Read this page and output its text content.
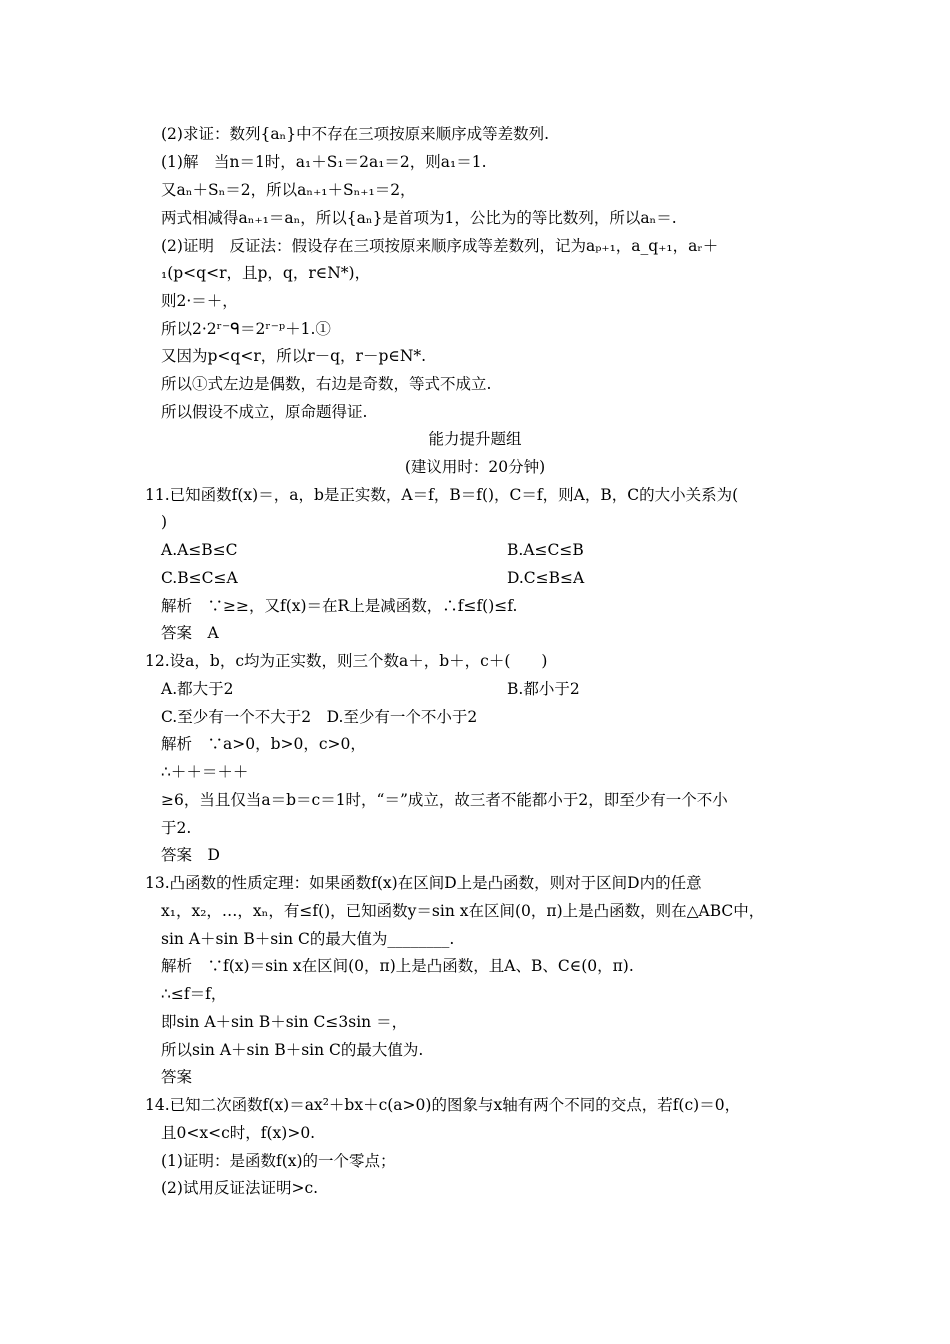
(2)求证：数列{aₙ}中不存在三项按原来顺序成等差数列.
(1)解　当n＝1时，a₁＋S₁＝2a₁＝2，则a₁＝1.
又aₙ＋Sₙ＝2，所以aₙ₊₁＋Sₙ₊₁＝2，
两式相减得aₙ₊₁＝aₙ，所以{aₙ}是首项为1，公比为的等比数列，所以aₙ＝.
(2)证明　反证法：假设存在三项按原来顺序成等差数列，记为aₚ₊₁，a_q₊₁，aᵣ＋
₁(p<q<r，且p，q，r∈N*)，
则2·＝＋，
所以2·2ʳ⁻ᑫ＝2ʳ⁻ᵖ＋1.①
又因为p<q<r，所以r－q，r－p∈N*.
所以①式左边是偶数，右边是奇数，等式不成立.
所以假设不成立，原命题得证.
能力提升题组
(建议用时：20分钟)
11.已知函数f(x)＝，a，b是正实数，A＝f，B＝f()，C＝f，则A，B，C的大小关系为(
)
A.A≤B≤C	B.A≤C≤B
C.B≤C≤A	D.C≤B≤A
解析　∵≥≥，又f(x)＝在R上是减函数，∴f≤f()≤f.
答案　A
12.设a，b，c均为正实数，则三个数a＋，b＋，c＋(　　)
A.都大于2	B.都小于2
C.至少有一个不大于2　D.至少有一个不小于2
解析　∵a>0，b>0，c>0，
∴＋＋＝＋＋
≥6，当且仅当a＝b＝c＝1时，“＝”成立，故三者不能都小于2，即至少有一个不小
于2.
答案　D
13.凸函数的性质定理：如果函数f(x)在区间D上是凸函数，则对于区间D内的任意
x₁，x₂，…，xₙ，有≤f()，已知函数y＝sin x在区间(0，π)上是凸函数，则在△ABC中，
sin A＋sin B＋sin C的最大值为________.
解析　∵f(x)＝sin x在区间(0，π)上是凸函数，且A、B、C∈(0，π).
∴≤f＝f，
即sin A＋sin B＋sin C≤3sin ＝，
所以sin A＋sin B＋sin C的最大值为.
答案
14.已知二次函数f(x)＝ax²＋bx＋c(a>0)的图象与x轴有两个不同的交点，若f(c)＝0，
且0<x<c时，f(x)>0.
(1)证明：是函数f(x)的一个零点；
(2)试用反证法证明>c.
